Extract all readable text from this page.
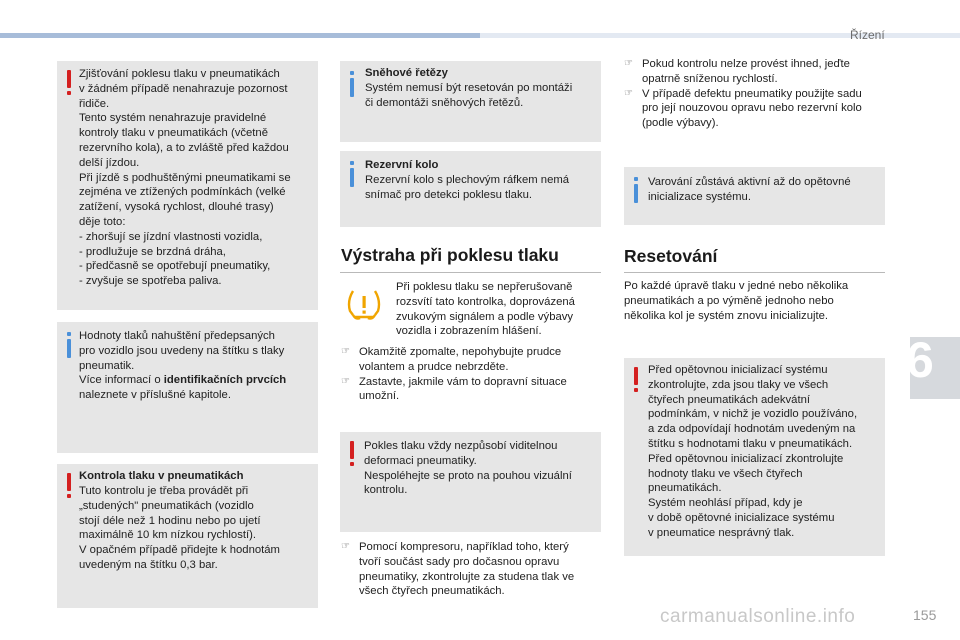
Řízení
6
Zjišťování poklesu tlaku v pneumatikách
v žádném případě nenahrazuje pozornost
řidiče.
Tento systém nenahrazuje pravidelné
kontroly tlaku v pneumatikách (včetně
rezervního kola), a to zvláště před každou
delší jízdou.
Při jízdě s podhuštěnými pneumatikami se
zejména ve ztížených podmínkách (velké
zatížení, vysoká rychlost, dlouhé trasy)
děje toto:
- zhoršují se jízdní vlastnosti vozidla,
- prodlužuje se brzdná dráha,
- předčasně se opotřebují pneumatiky,
- zvyšuje se spotřeba paliva.
Hodnoty tlaků nahuštění předepsaných
pro vozidlo jsou uvedeny na štítku s tlaky
pneumatik.
Více informací o identifikačních prvcích
naleznete v příslušné kapitole.
Kontrola tlaku v pneumatikách
Tuto kontrolu je třeba provádět při
„studených" pneumatikách (vozidlo
stojí déle než 1 hodinu nebo po ujetí
maximálně 10 km nízkou rychlostí).
V opačném případě přidejte k hodnotám
uvedeným na štítku 0,3 bar.
Sněhové řetězy
Systém nemusí být resetován po montáži
či demontáži sněhových řetězů.
Rezervní kolo
Rezervní kolo s plechovým ráfkem nemá
snímač pro detekci poklesu tlaku.
Výstraha při poklesu tlaku
Při poklesu tlaku se nepřerušovaně
rozsvítí tato kontrolka, doprovázená
zvukovým signálem a podle výbavy
vozidla i zobrazením hlášení.
☞ Okamžitě zpomalte, nepohybujte prudce
volantem a prudce nebrzděte.
☞ Zastavte, jakmile vám to dopravní situace
umožní.
Pokles tlaku vždy nezpůsobí viditelnou
deformaci pneumatiky.
Nespoléhejte se proto na pouhou vizuální
kontrolu.
☞ Pomocí kompresoru, například toho, který
tvoří součást sady pro dočasnou opravu
pneumatiky, zkontrolujte za studena tlak ve
všech čtyřech pneumatikách.
☞ Pokud kontrolu nelze provést ihned, jeďte
opatrně sníženou rychlostí.
☞ V případě defektu pneumatiky použijte sadu
pro její nouzovou opravu nebo rezervní kolo
(podle výbavy).
Varování zůstává aktivní až do opětovné
inicializace systému.
Resetování
Po každé úpravě tlaku v jedné nebo několika
pneumatikách a po výměně jednoho nebo
několika kol je systém znovu inicializujte.
Před opětovnou inicializací systému
zkontrolujte, zda jsou tlaky ve všech
čtyřech pneumatikách adekvátní
podmínkám, v nichž je vozidlo používáno,
a zda odpovídají hodnotám uvedeným na
štítku s hodnotami tlaku v pneumatikách.
Před opětovnou inicializací zkontrolujte
hodnoty tlaku ve všech čtyřech
pneumatikách.
Systém neohlásí případ, kdy je
v době opětovné inicializace systému
v pneumatice nesprávný tlak.
carmanualsonline.info	155
